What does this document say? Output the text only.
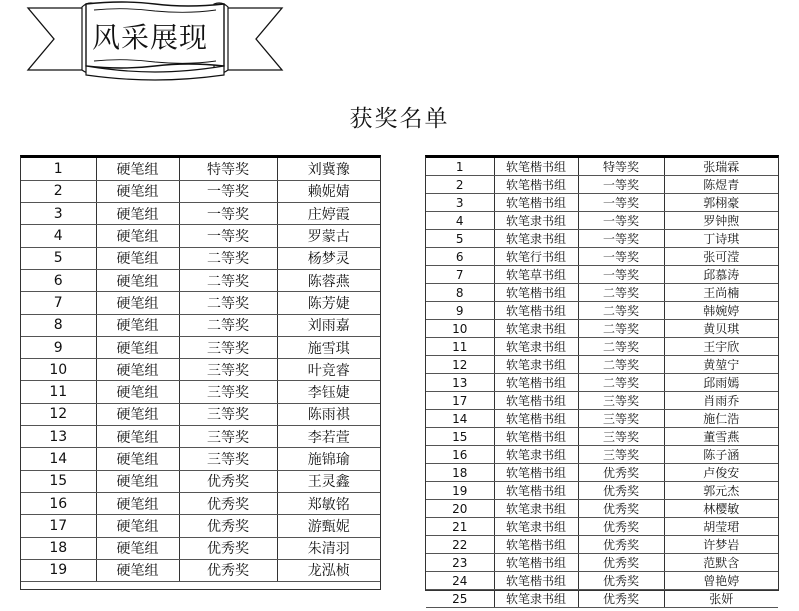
风采展现
获奖名单
1	硬笔组	特等奖	刘冀豫
2	硬笔组	一等奖	赖妮婧
3	硬笔组	一等奖	庄婷霞
4	硬笔组	一等奖	罗蒙古
5	硬笔组	二等奖	杨梦灵
6	硬笔组	二等奖	陈蓉燕
7	硬笔组	二等奖	陈芳婕
8	硬笔组	二等奖	刘雨嘉
9	硬笔组	三等奖	施雪琪
10	硬笔组	三等奖	叶竞睿
11	硬笔组	三等奖	李钰婕
12	硬笔组	三等奖	陈雨祺
13	硬笔组	三等奖	李若萱
14	硬笔组	三等奖	施锦瑜
15	硬笔组	优秀奖	王灵鑫
16	硬笔组	优秀奖	郑敏铭
17	硬笔组	优秀奖	游甄妮
18	硬笔组	优秀奖	朱清羽
19	硬笔组	优秀奖	龙泓桢
1	软笔楷书组	特等奖	张瑞霖
2	软笔楷书组	一等奖	陈煜青
3	软笔楷书组	一等奖	郭栩豪
4	软笔隶书组	一等奖	罗钟煦
5	软笔隶书组	一等奖	丁诗琪
6	软笔行书组	一等奖	张可滢
7	软笔草书组	一等奖	邱慕涛
8	软笔楷书组	二等奖	王尚楠
9	软笔楷书组	二等奖	韩婉婷
10	软笔隶书组	二等奖	黄贝琪
11	软笔隶书组	二等奖	王宇欣
12	软笔隶书组	二等奖	黄堃宁
13	软笔楷书组	二等奖	邱雨嫣
17	软笔楷书组	三等奖	肖雨乔
14	软笔楷书组	三等奖	施仁浩
15	软笔楷书组	三等奖	董雪燕
16	软笔隶书组	三等奖	陈子涵
18	软笔楷书组	优秀奖	卢俊安
19	软笔楷书组	优秀奖	郭元杰
20	软笔隶书组	优秀奖	林樱敏
21	软笔隶书组	优秀奖	胡莹珺
22	软笔楷书组	优秀奖	许梦岩
23	软笔楷书组	优秀奖	范默含
24	软笔楷书组	优秀奖	曾艳婷
25	软笔隶书组	优秀奖	张妍
